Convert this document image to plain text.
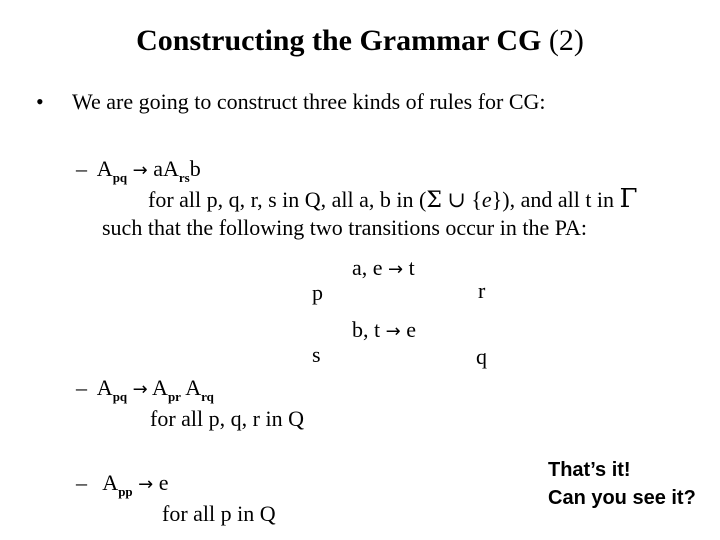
Constructing the Grammar CG (2)
• We are going to construct three kinds of rules for CG:
– $A_{pq} \to aA_{rs}b$
for all p, q, r, s in Q, all a, b in (Σ ∪ {e}), and all t in Γ
such that the following two transitions occur in the PA:
p	r
s	q
a, e → t
b, t → e
– $A_{pq} \to A_{pr}$ $A_{rq}$
for all p, q, r in Q
– $A_{pp} \to e$
for all p in Q
That’s it!
Can you see it?
